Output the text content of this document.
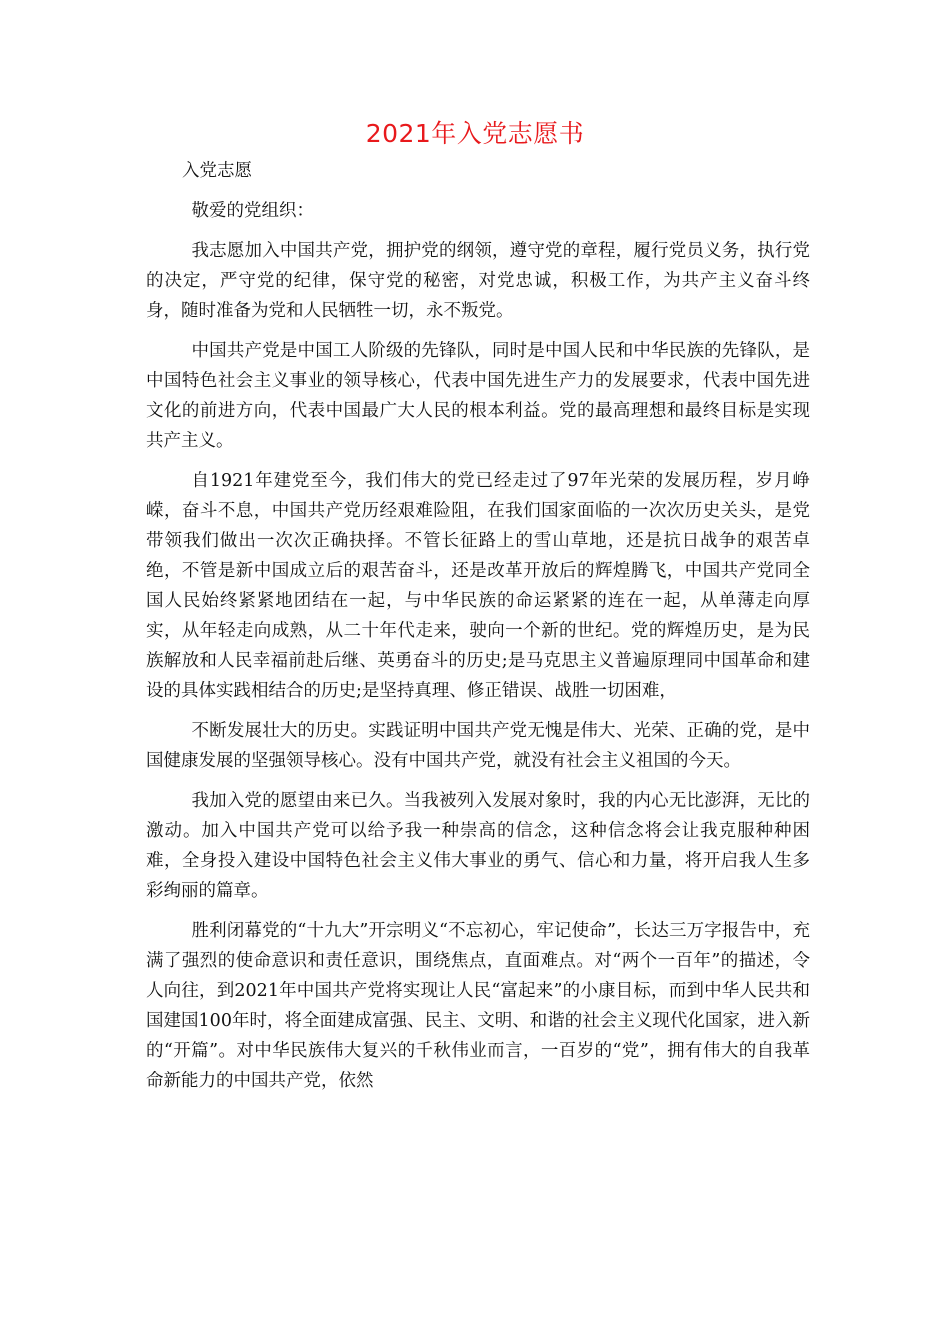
2021年入党志愿书
入党志愿

敬爱的党组织：

我志愿加入中国共产党，拥护党的纲领，遵守党的章程，履行党员义务，执行党的决定，严守党的纪律，保守党的秘密，对党忠诚，积极工作，为共产主义奋斗终身，随时准备为党和人民牺牲一切，永不叛党。

中国共产党是中国工人阶级的先锋队，同时是中国人民和中华民族的先锋队，是中国特色社会主义事业的领导核心，代表中国先进生产力的发展要求，代表中国先进文化的前进方向，代表中国最广大人民的根本利益。党的最高理想和最终目标是实现共产主义。

自1921年建党至今，我们伟大的党已经走过了97年光荣的发展历程，岁月峥嵘，奋斗不息，中国共产党历经艰难险阻，在我们国家面临的一次次历史关头，是党带领我们做出一次次正确抉择。不管长征路上的雪山草地，还是抗日战争的艰苦卓绝，不管是新中国成立后的艰苦奋斗，还是改革开放后的辉煌腾飞，中国共产党同全国人民始终紧紧地团结在一起，与中华民族的命运紧紧的连在一起，从单薄走向厚实，从年轻走向成熟，从二十年代走来，驶向一个新的世纪。党的辉煌历史，是为民族解放和人民幸福前赴后继、英勇奋斗的历史;是马克思主义普遍原理同中国革命和建设的具体实践相结合的历史;是坚持真理、修正错误、战胜一切困难，

不断发展壮大的历史。实践证明中国共产党无愧是伟大、光荣、正确的党，是中国健康发展的坚强领导核心。没有中国共产党，就没有社会主义祖国的今天。

我加入党的愿望由来已久。当我被列入发展对象时，我的内心无比澎湃，无比的激动。加入中国共产党可以给予我一种崇高的信念，这种信念将会让我克服种种困难，全身投入建设中国特色社会主义伟大事业的勇气、信心和力量，将开启我人生多彩绚丽的篇章。

胜利闭幕党的“十九大”开宗明义“不忘初心，牢记使命”，长达三万字报告中，充满了强烈的使命意识和责任意识，围绕焦点，直面难点。对“两个一百年”的描述，令人向往，到2021年中国共产党将实现让人民“富起来”的小康目标，而到中华人民共和国建国100年时，将全面建成富强、民主、文明、和谐的社会主义现代化国家，进入新的“开篇”。对中华民族伟大复兴的千秋伟业而言，一百岁的“党”，拥有伟大的自我革命新能力的中国共产党，依然
